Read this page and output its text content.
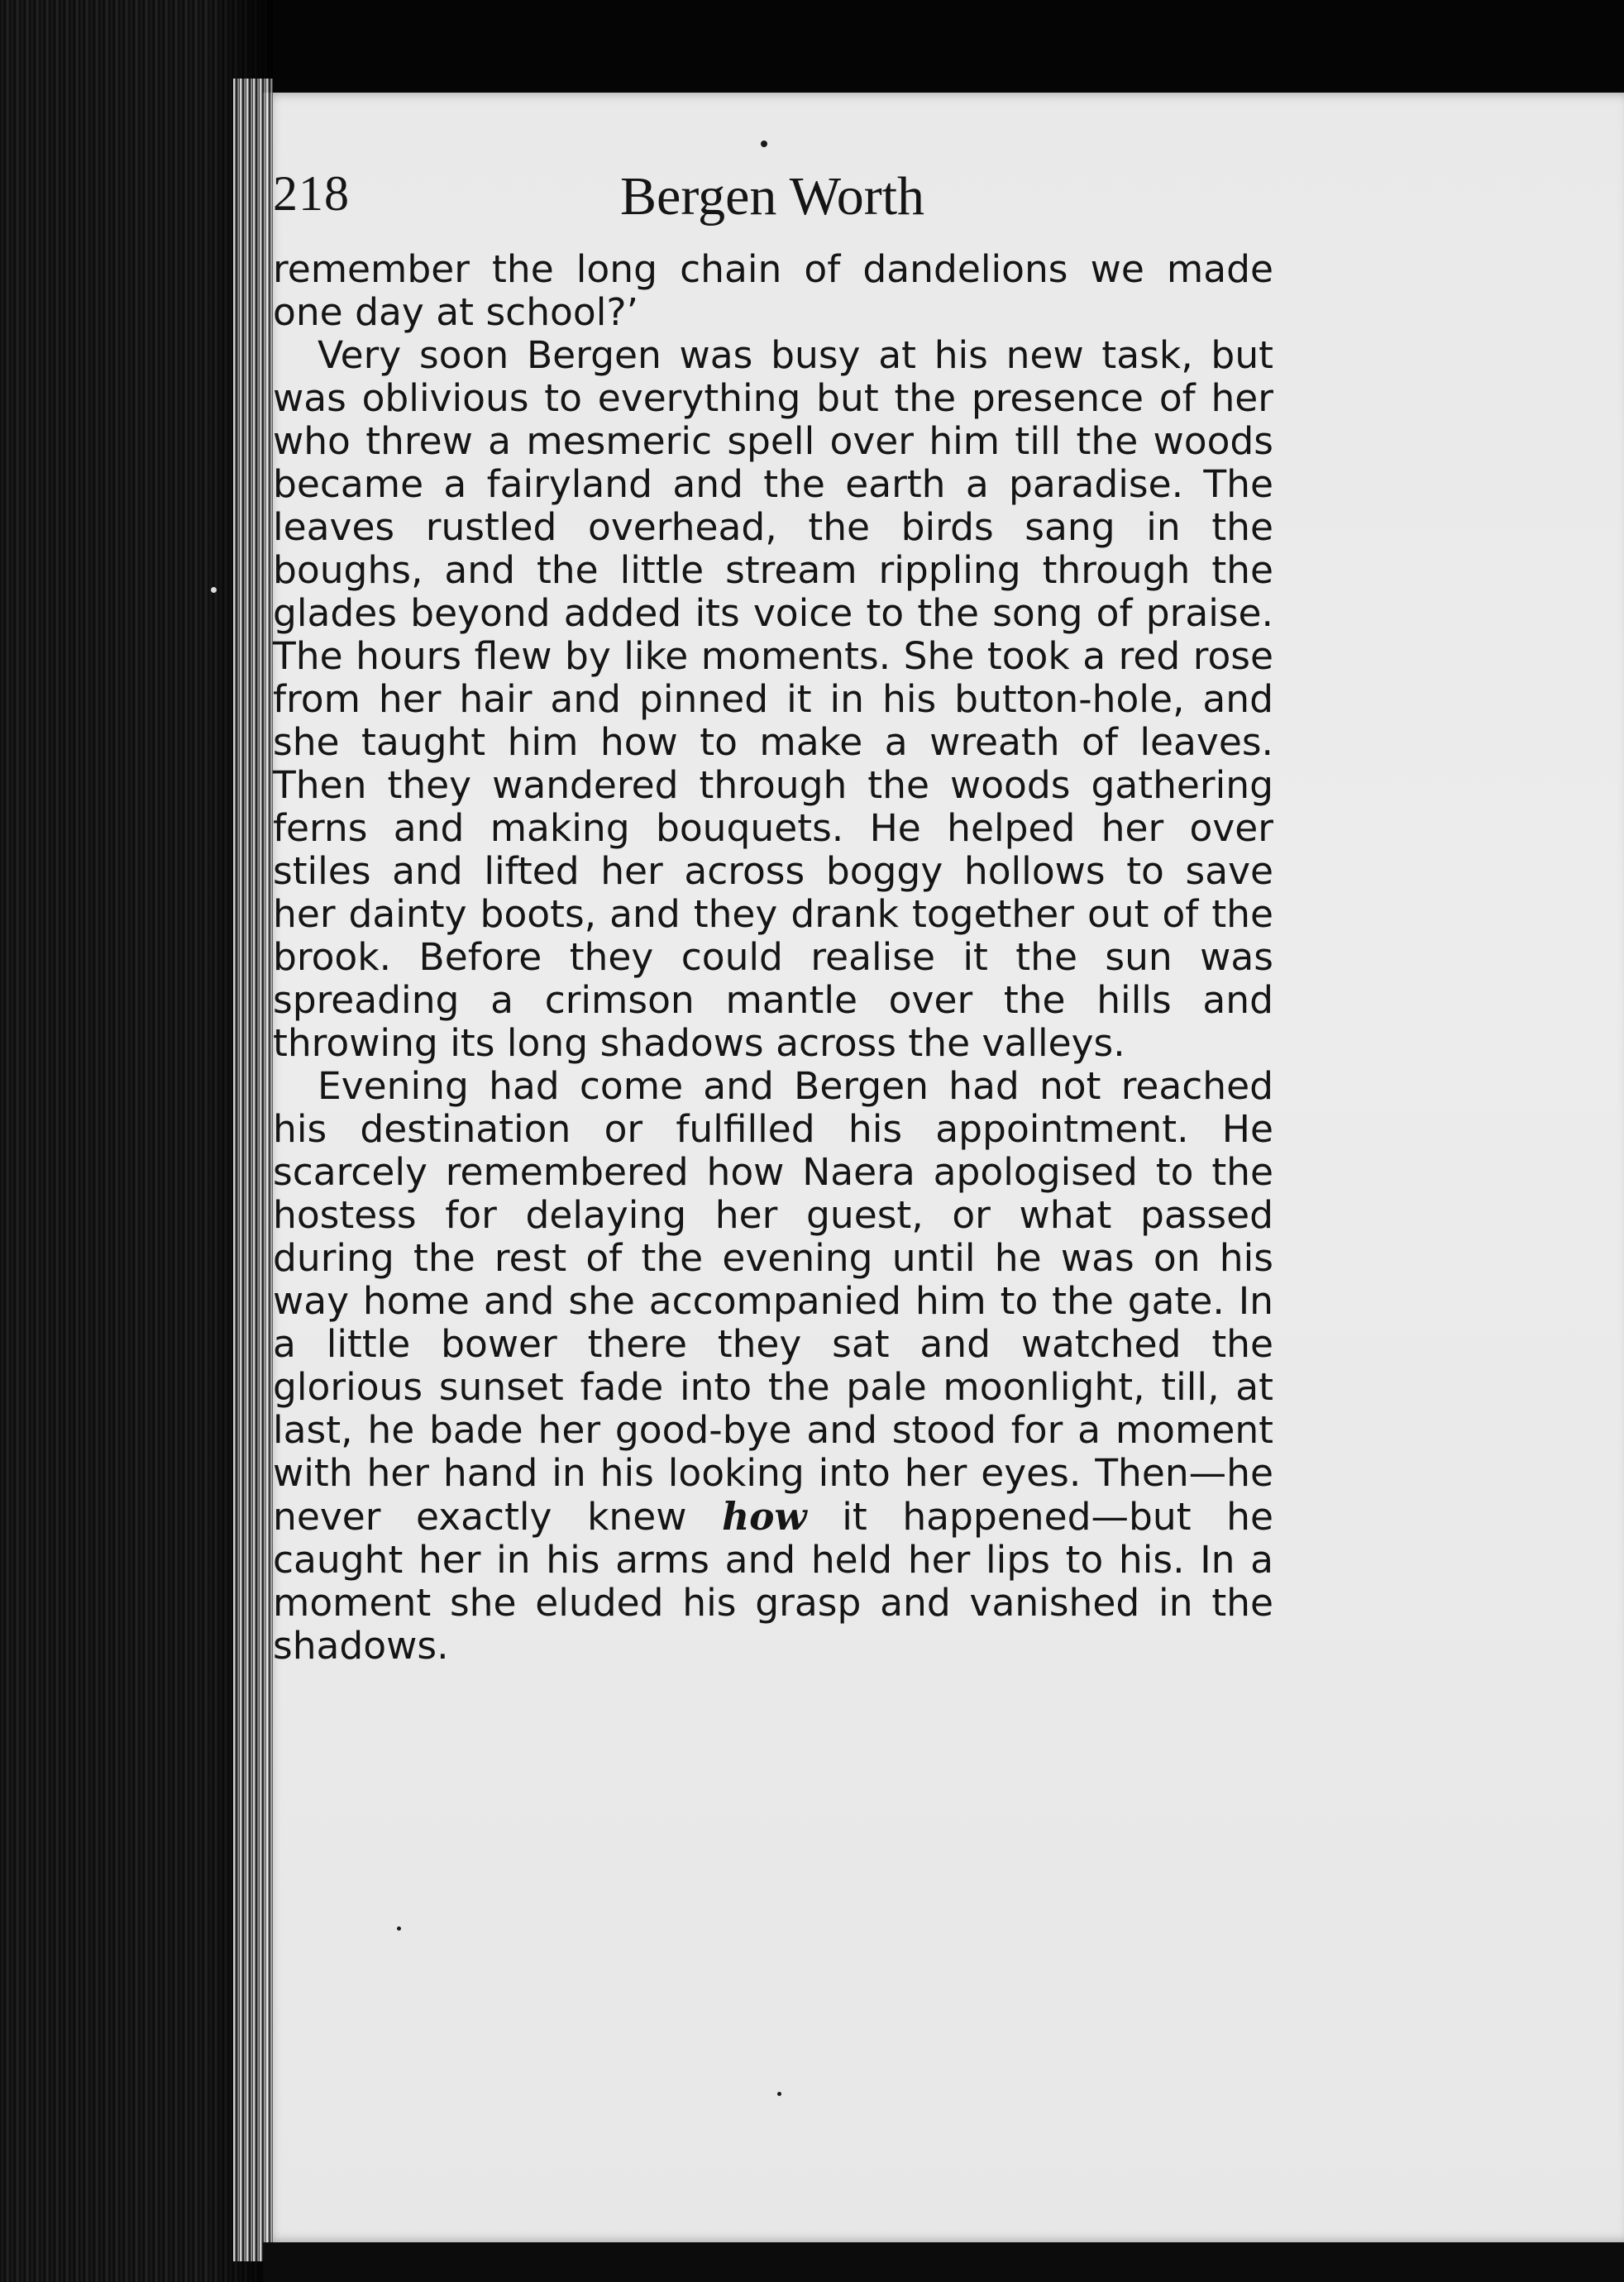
218	Bergen Worth

remember the long chain of dandelions we made one day at school?’

Very soon Bergen was busy at his new task, but was oblivious to everything but the presence of her who threw a mesmeric spell over him till the woods became a fairyland and the earth a paradise. The leaves rustled overhead, the birds sang in the boughs, and the little stream rippling through the glades beyond added its voice to the song of praise. The hours flew by like moments. She took a red rose from her hair and pinned it in his button-hole, and she taught him how to make a wreath of leaves. Then they wandered through the woods gathering ferns and making bouquets. He helped her over stiles and lifted her across boggy hollows to save her dainty boots, and they drank together out of the brook. Before they could realise it the sun was spreading a crimson mantle over the hills and throwing its long shadows across the valleys.

Evening had come and Bergen had not reached his destination or fulfilled his appointment. He scarcely remembered how Naera apologised to the hostess for delaying her guest, or what passed during the rest of the evening until he was on his way home and she accompanied him to the gate. In a little bower there they sat and watched the glorious sunset fade into the pale moonlight, till, at last, he bade her good-bye and stood for a moment with her hand in his looking into her eyes. Then—he never exactly knew how it happened—but he caught her in his arms and held her lips to his. In a moment she eluded his grasp and vanished in the shadows.
